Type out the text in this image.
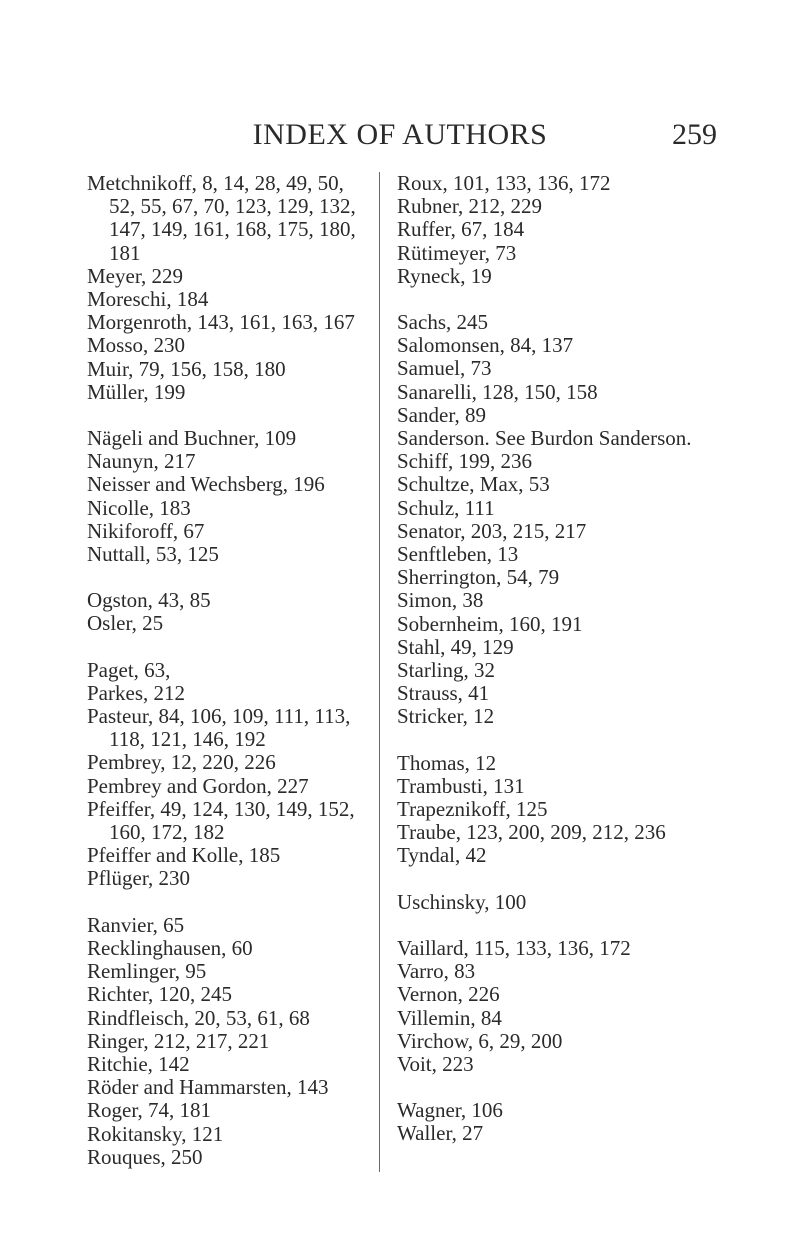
INDEX OF AUTHORS	259
Metchnikoff, 8, 14, 28, 49, 50, 52, 55, 67, 70, 123, 129, 132, 147, 149, 161, 168, 175, 180, 181
Meyer, 229
Moreschi, 184
Morgenroth, 143, 161, 163, 167
Mosso, 230
Muir, 79, 156, 158, 180
Müller, 199
Nägeli and Buchner, 109
Naunyn, 217
Neisser and Wechsberg, 196
Nicolle, 183
Nikiforoff, 67
Nuttall, 53, 125
Ogston, 43, 85
Osler, 25
Paget, 63,
Parkes, 212
Pasteur, 84, 106, 109, 111, 113, 118, 121, 146, 192
Pembrey, 12, 220, 226
Pembrey and Gordon, 227
Pfeiffer, 49, 124, 130, 149, 152, 160, 172, 182
Pfeiffer and Kolle, 185
Pflüger, 230
Ranvier, 65
Recklinghausen, 60
Remlinger, 95
Richter, 120, 245
Rindfleisch, 20, 53, 61, 68
Ringer, 212, 217, 221
Ritchie, 142
Röder and Hammarsten, 143
Roger, 74, 181
Rokitansky, 121
Rouques, 250
Roux, 101, 133, 136, 172
Rubner, 212, 229
Ruffer, 67, 184
Rütimeyer, 73
Ryneck, 19
Sachs, 245
Salomonsen, 84, 137
Samuel, 73
Sanarelli, 128, 150, 158
Sander, 89
Sanderson. See Burdon Sanderson.
Schiff, 199, 236
Schultze, Max, 53
Schulz, 111
Senator, 203, 215, 217
Senftleben, 13
Sherrington, 54, 79
Simon, 38
Sobernheim, 160, 191
Stahl, 49, 129
Starling, 32
Strauss, 41
Stricker, 12
Thomas, 12
Trambusti, 131
Trapeznikoff, 125
Traube, 123, 200, 209, 212, 236
Tyndal, 42
Uschinsky, 100
Vaillard, 115, 133, 136, 172
Varro, 83
Vernon, 226
Villemin, 84
Virchow, 6, 29, 200
Voit, 223
Wagner, 106
Waller, 27
